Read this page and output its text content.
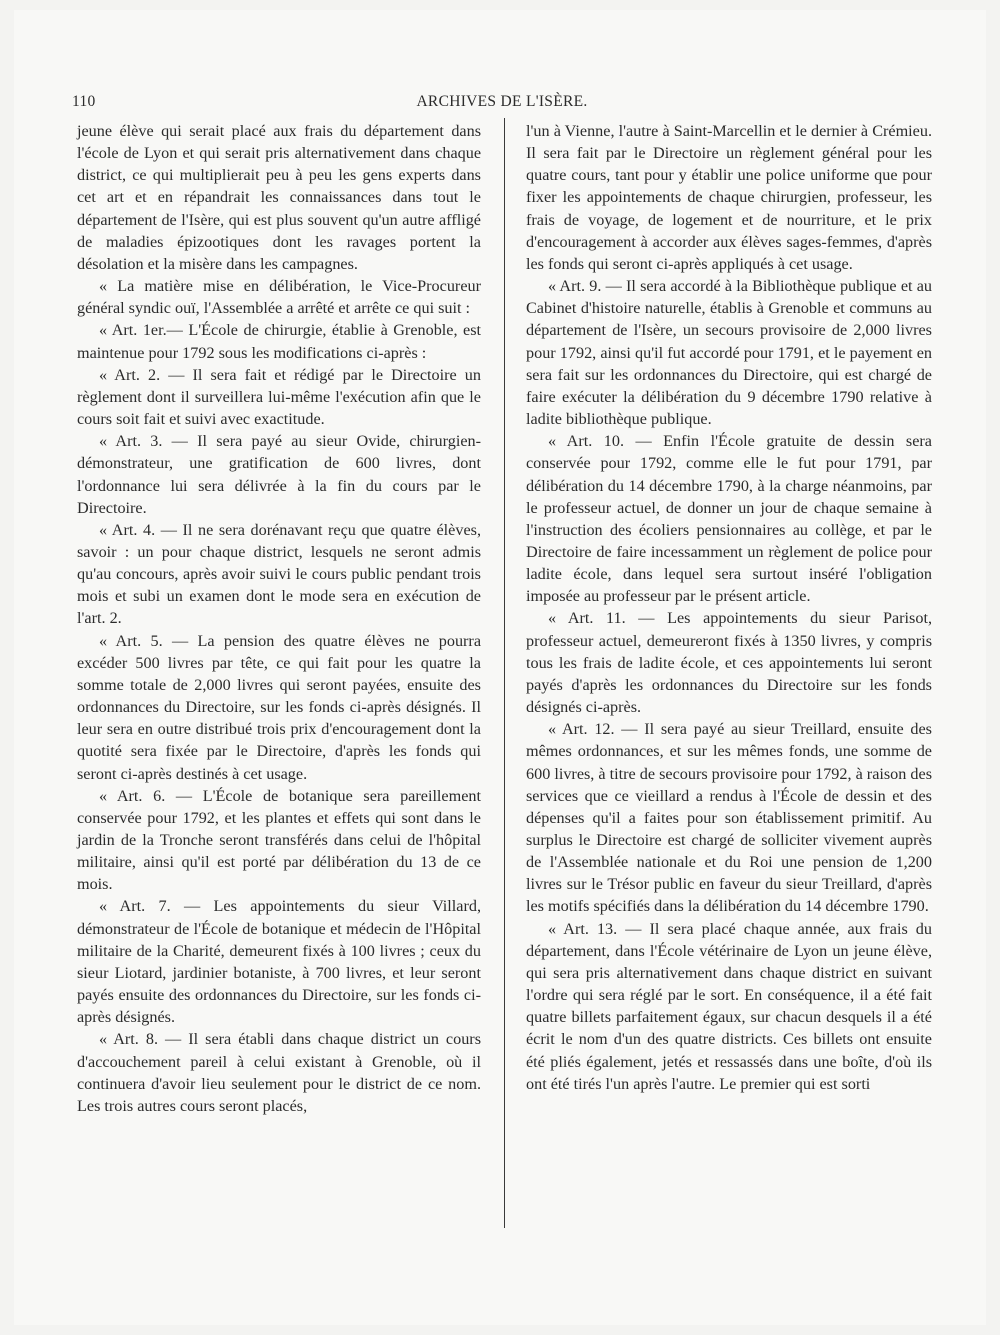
110	ARCHIVES DE L'ISÈRE.

jeune élève qui serait placé aux frais du département dans l'école de Lyon et qui serait pris alternativement dans chaque district, ce qui multiplierait peu à peu les gens experts dans cet art et en répandrait les connaissances dans tout le département de l'Isère, qui est plus souvent qu'un autre affligé de maladies épizootiques dont les ravages portent la désolation et la misère dans les campagnes.

« La matière mise en délibération, le Vice-Procureur général syndic ouï, l'Assemblée a arrêté et arrête ce qui suit :

« Art. 1er.— L'École de chirurgie, établie à Grenoble, est maintenue pour 1792 sous les modifications ci-après :

« Art. 2. — Il sera fait et rédigé par le Directoire un règlement dont il surveillera lui-même l'exécution afin que le cours soit fait et suivi avec exactitude.

« Art. 3. — Il sera payé au sieur Ovide, chirurgien-démonstrateur, une gratification de 600 livres, dont l'ordonnance lui sera délivrée à la fin du cours par le Directoire.

« Art. 4. — Il ne sera dorénavant reçu que quatre élèves, savoir : un pour chaque district, lesquels ne seront admis qu'au concours, après avoir suivi le cours public pendant trois mois et subi un examen dont le mode sera en exécution de l'art. 2.

« Art. 5. — La pension des quatre élèves ne pourra excéder 500 livres par tête, ce qui fait pour les quatre la somme totale de 2,000 livres qui seront payées, ensuite des ordonnances du Directoire, sur les fonds ci-après désignés. Il leur sera en outre distribué trois prix d'encouragement dont la quotité sera fixée par le Directoire, d'après les fonds qui seront ci-après destinés à cet usage.

« Art. 6. — L'École de botanique sera pareillement conservée pour 1792, et les plantes et effets qui sont dans le jardin de la Tronche seront transférés dans celui de l'hôpital militaire, ainsi qu'il est porté par délibération du 13 de ce mois.

« Art. 7. — Les appointements du sieur Villard, démonstrateur de l'École de botanique et médecin de l'Hôpital militaire de la Charité, demeurent fixés à 100 livres ; ceux du sieur Liotard, jardinier botaniste, à 700 livres, et leur seront payés ensuite des ordonnances du Directoire, sur les fonds ci-après désignés.

« Art. 8. — Il sera établi dans chaque district un cours d'accouchement pareil à celui existant à Grenoble, où il continuera d'avoir lieu seulement pour le district de ce nom. Les trois autres cours seront placés,

l'un à Vienne, l'autre à Saint-Marcellin et le dernier à Crémieu. Il sera fait par le Directoire un règlement général pour les quatre cours, tant pour y établir une police uniforme que pour fixer les appointements de chaque chirurgien, professeur, les frais de voyage, de logement et de nourriture, et le prix d'encouragement à accorder aux élèves sages-femmes, d'après les fonds qui seront ci-après appliqués à cet usage.

« Art. 9. — Il sera accordé à la Bibliothèque publique et au Cabinet d'histoire naturelle, établis à Grenoble et communs au département de l'Isère, un secours provisoire de 2,000 livres pour 1792, ainsi qu'il fut accordé pour 1791, et le payement en sera fait sur les ordonnances du Directoire, qui est chargé de faire exécuter la délibération du 9 décembre 1790 relative à ladite bibliothèque publique.

« Art. 10. — Enfin l'École gratuite de dessin sera conservée pour 1792, comme elle le fut pour 1791, par délibération du 14 décembre 1790, à la charge néanmoins, par le professeur actuel, de donner un jour de chaque semaine à l'instruction des écoliers pensionnaires au collège, et par le Directoire de faire incessamment un règlement de police pour ladite école, dans lequel sera surtout inséré l'obligation imposée au professeur par le présent article.

« Art. 11. — Les appointements du sieur Parisot, professeur actuel, demeureront fixés à 1350 livres, y compris tous les frais de ladite école, et ces appointements lui seront payés d'après les ordonnances du Directoire sur les fonds désignés ci-après.

« Art. 12. — Il sera payé au sieur Treillard, ensuite des mêmes ordonnances, et sur les mêmes fonds, une somme de 600 livres, à titre de secours provisoire pour 1792, à raison des services que ce vieillard a rendus à l'École de dessin et des dépenses qu'il a faites pour son établissement primitif. Au surplus le Directoire est chargé de solliciter vivement auprès de l'Assemblée nationale et du Roi une pension de 1,200 livres sur le Trésor public en faveur du sieur Treillard, d'après les motifs spécifiés dans la délibération du 14 décembre 1790.

« Art. 13. — Il sera placé chaque année, aux frais du département, dans l'École vétérinaire de Lyon un jeune élève, qui sera pris alternativement dans chaque district en suivant l'ordre qui sera réglé par le sort. En conséquence, il a été fait quatre billets parfaitement égaux, sur chacun desquels il a été écrit le nom d'un des quatre districts. Ces billets ont ensuite été pliés également, jetés et ressassés dans une boîte, d'où ils ont été tirés l'un après l'autre. Le premier qui est sorti
